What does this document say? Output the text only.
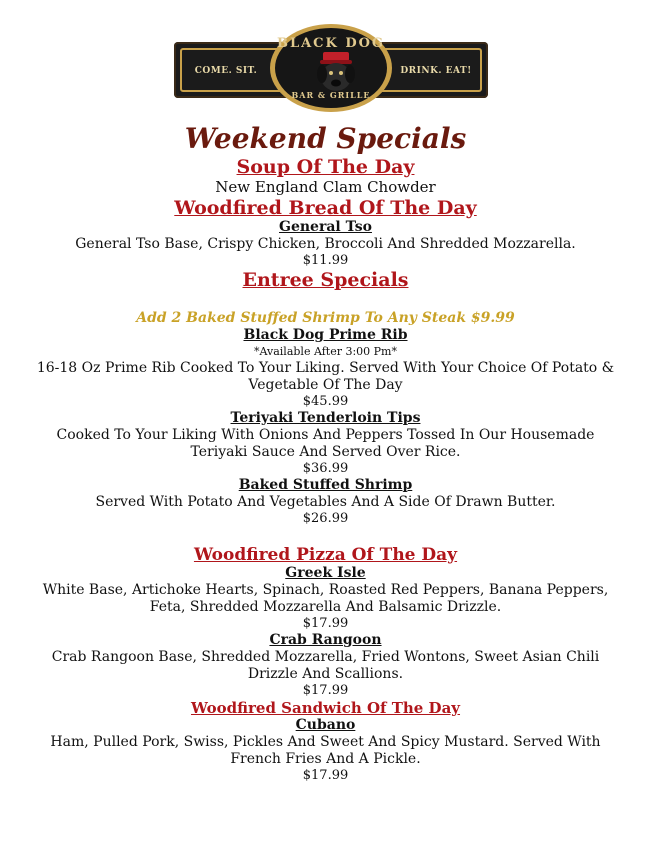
COME. SIT.	DRINK. EAT!
BLACK DOG
BAR & GRILLE
Weekend Specials
Soup Of The Day
New England Clam Chowder
Woodfired Bread Of The Day
General Tso
General Tso Base, Crispy Chicken, Broccoli And Shredded Mozzarella.
$11.99
Entree Specials
Add 2 Baked Stuffed Shrimp To Any Steak $9.99
Black Dog Prime Rib
*Available After 3:00 Pm*
16-18 Oz Prime Rib Cooked To Your Liking. Served With Your Choice Of Potato & Vegetable Of The Day
$45.99
Teriyaki Tenderloin Tips
Cooked To Your Liking With Onions And Peppers Tossed In Our Housemade Teriyaki Sauce And Served Over Rice.
$36.99
Baked Stuffed Shrimp
Served With Potato And Vegetables And A Side Of Drawn Butter.
$26.99
Woodfired Pizza Of The Day
Greek Isle
White Base, Artichoke Hearts, Spinach, Roasted Red Peppers, Banana Peppers, Feta, Shredded Mozzarella And Balsamic Drizzle.
$17.99
Crab Rangoon
Crab Rangoon Base, Shredded Mozzarella, Fried Wontons, Sweet Asian Chili Drizzle And Scallions.
$17.99
Woodfired Sandwich Of The Day
Cubano
Ham, Pulled Pork, Swiss, Pickles And Sweet And Spicy Mustard. Served With French Fries And A Pickle.
$17.99
